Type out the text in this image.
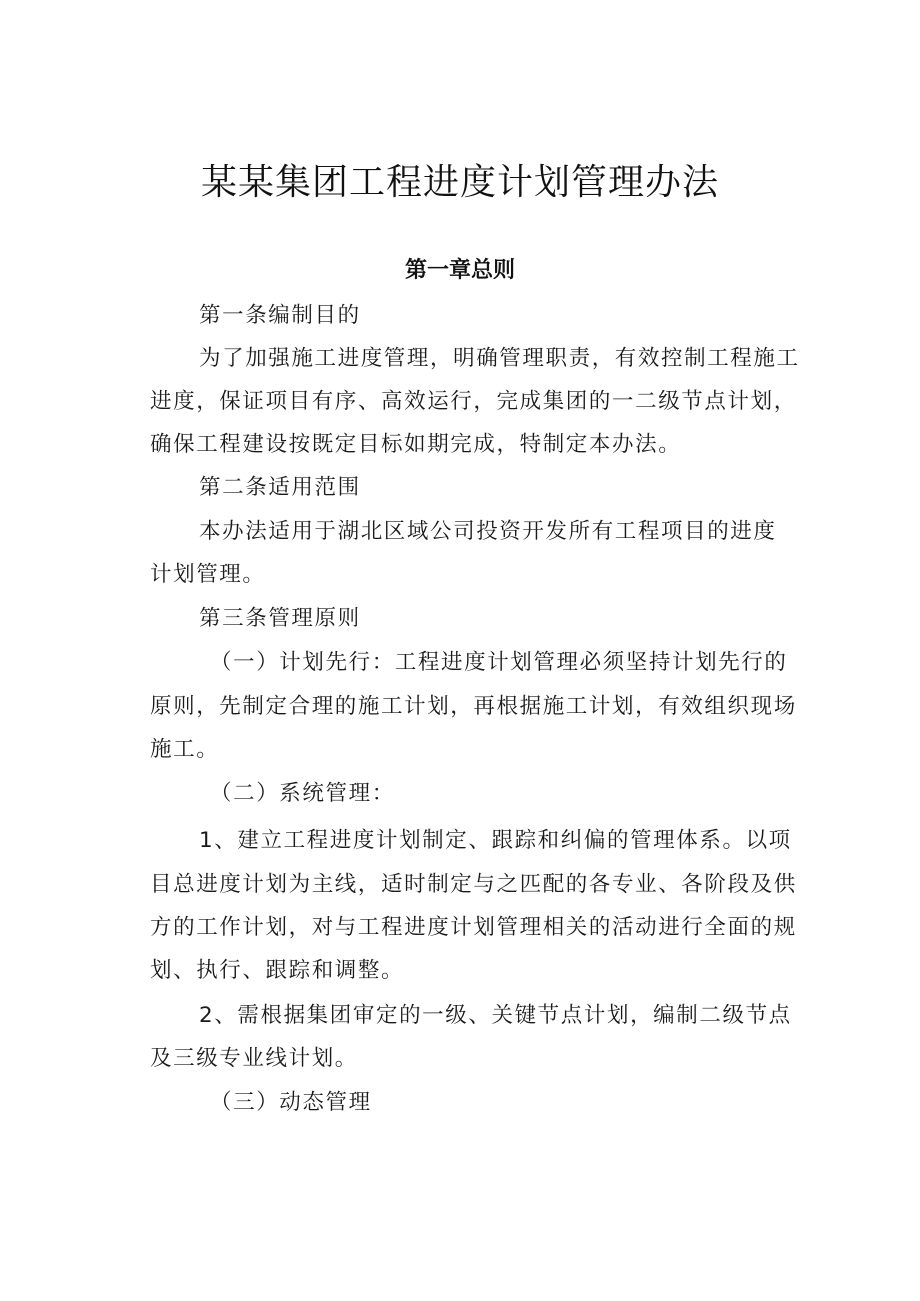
某某集团工程进度计划管理办法
第一章总则
第一条编制目的
为了加强施工进度管理，明确管理职责，有效控制工程施工
进度，保证项目有序、高效运行，完成集团的一二级节点计划，
确保工程建设按既定目标如期完成，特制定本办法。
第二条适用范围
本办法适用于湖北区域公司投资开发所有工程项目的进度
计划管理。
第三条管理原则
（一）计划先行：工程进度计划管理必须坚持计划先行的
原则，先制定合理的施工计划，再根据施工计划，有效组织现场
施工。
（二）系统管理：
1、建立工程进度计划制定、跟踪和纠偏的管理体系。以项
目总进度计划为主线，适时制定与之匹配的各专业、各阶段及供
方的工作计划，对与工程进度计划管理相关的活动进行全面的规
划、执行、跟踪和调整。
2、需根据集团审定的一级、关键节点计划，编制二级节点
及三级专业线计划。
（三）动态管理
